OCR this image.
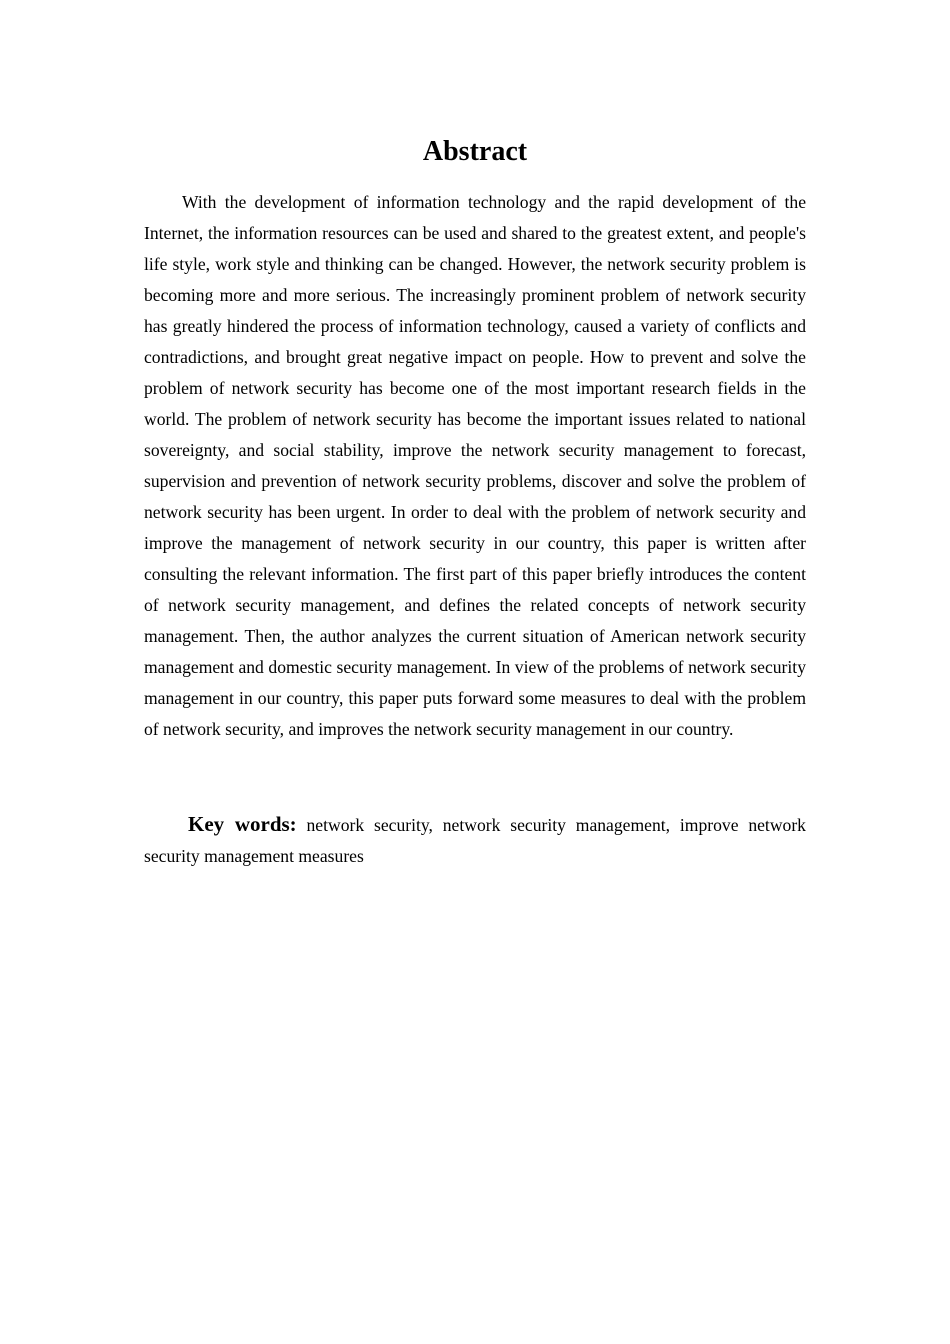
Abstract

With the development of information technology and the rapid development of the Internet, the information resources can be used and shared to the greatest extent, and people's life style, work style and thinking can be changed. However, the network security problem is becoming more and more serious. The increasingly prominent problem of network security has greatly hindered the process of information technology, caused a variety of conflicts and contradictions, and brought great negative impact on people. How to prevent and solve the problem of network security has become one of the most important research fields in the world. The problem of network security has become the important issues related to national sovereignty, and social stability, improve the network security management to forecast, supervision and prevention of network security problems, discover and solve the problem of network security has been urgent. In order to deal with the problem of network security and improve the management of network security in our country, this paper is written after consulting the relevant information. The first part of this paper briefly introduces the content of network security management, and defines the related concepts of network security management. Then, the author analyzes the current situation of American network security management and domestic security management. In view of the problems of network security management in our country, this paper puts forward some measures to deal with the problem of network security, and improves the network security management in our country.

Key words: network security, network security management, improve network security management measures
